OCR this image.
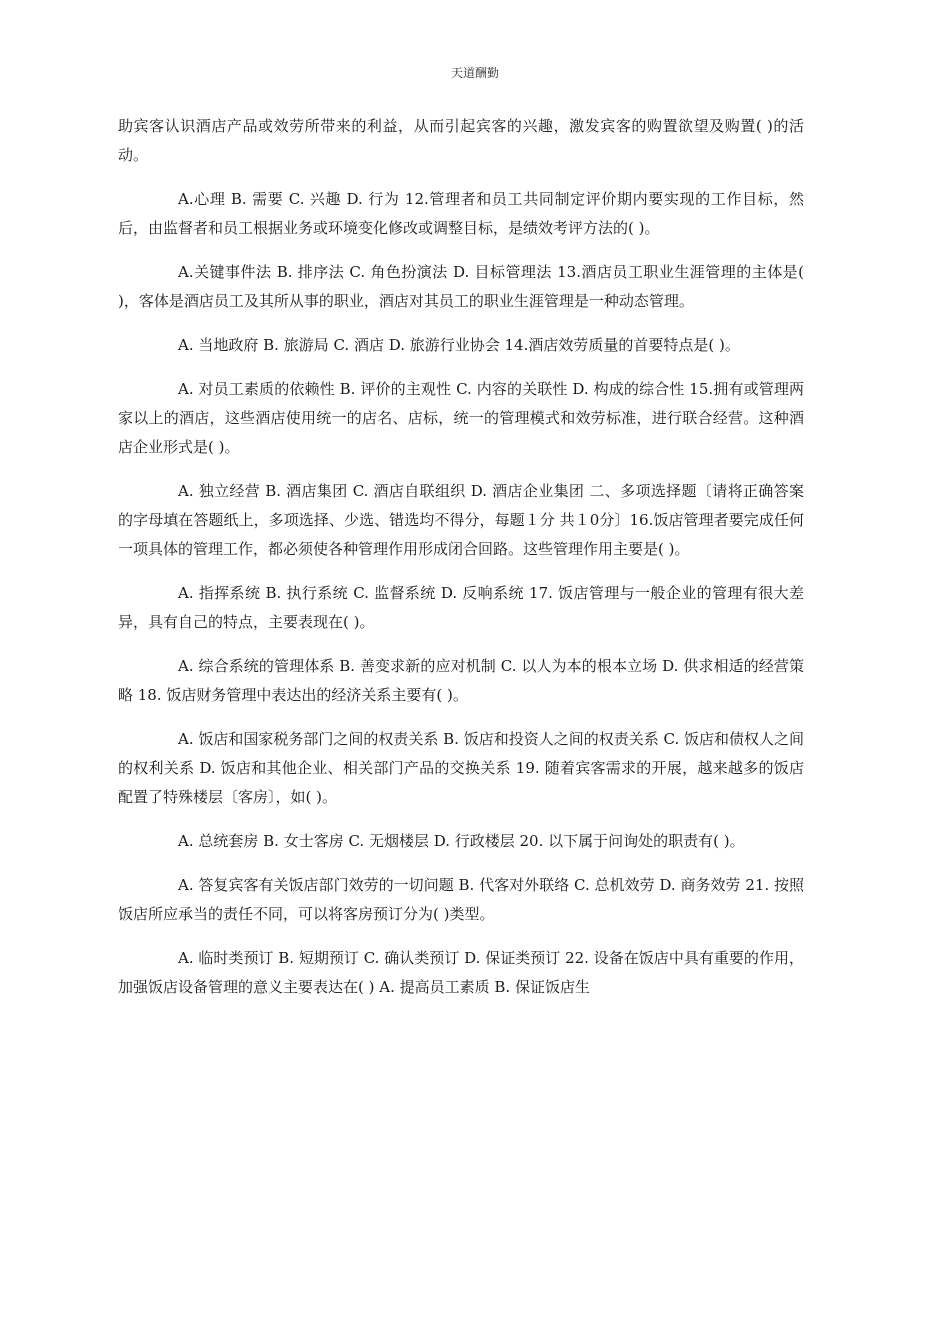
天道酬勤

助宾客认识酒店产品或效劳所带来的利益，从而引起宾客的兴趣，激发宾客的购置欲望及购置( )的活动。

A.心理 B. 需要 C. 兴趣 D. 行为 12.管理者和员工共同制定评价期内要实现的工作目标，然后，由监督者和员工根据业务或环境变化修改或调整目标，是绩效考评方法的( )。

A.关键事件法 B. 排序法 C. 角色扮演法 D. 目标管理法 13.酒店员工职业生涯管理的主体是( )，客体是酒店员工及其所从事的职业，酒店对其员工的职业生涯管理是一种动态管理。

A. 当地政府 B. 旅游局 C. 酒店 D. 旅游行业协会 14.酒店效劳质量的首要特点是( )。

A. 对员工素质的依赖性 B. 评价的主观性 C. 内容的关联性 D. 构成的综合性 15.拥有或管理两家以上的酒店，这些酒店使用统一的店名、店标，统一的管理模式和效劳标准，进行联合经营。这种酒店企业形式是( )。

A. 独立经营 B. 酒店集团 C. 酒店自联组织 D. 酒店企业集团 二、多项选择题〔请将正确答案的字母填在答题纸上，多项选择、少选、错选均不得分，每题１分 共１0分〕16.饭店管理者要完成任何一项具体的管理工作，都必须使各种管理作用形成闭合回路。这些管理作用主要是( )。

A. 指挥系统 B. 执行系统 C. 监督系统 D. 反响系统 17. 饭店管理与一般企业的管理有很大差异，具有自己的特点，主要表现在( )。

A. 综合系统的管理体系 B. 善变求新的应对机制 C. 以人为本的根本立场 D. 供求相适的经营策略 18. 饭店财务管理中表达出的经济关系主要有( )。

A. 饭店和国家税务部门之间的权责关系 B. 饭店和投资人之间的权责关系 C. 饭店和债权人之间的权利关系 D. 饭店和其他企业、相关部门产品的交换关系 19. 随着宾客需求的开展，越来越多的饭店配置了特殊楼层〔客房〕，如( )。

A. 总统套房 B. 女士客房 C. 无烟楼层 D. 行政楼层 20. 以下属于问询处的职责有( )。

A. 答复宾客有关饭店部门效劳的一切问题 B. 代客对外联络 C. 总机效劳 D. 商务效劳 21. 按照饭店所应承当的责任不同，可以将客房预订分为( )类型。

A. 临时类预订 B. 短期预订 C. 确认类预订 D. 保证类预订 22. 设备在饭店中具有重要的作用，加强饭店设备管理的意义主要表达在( ) A. 提高员工素质 B. 保证饭店生
